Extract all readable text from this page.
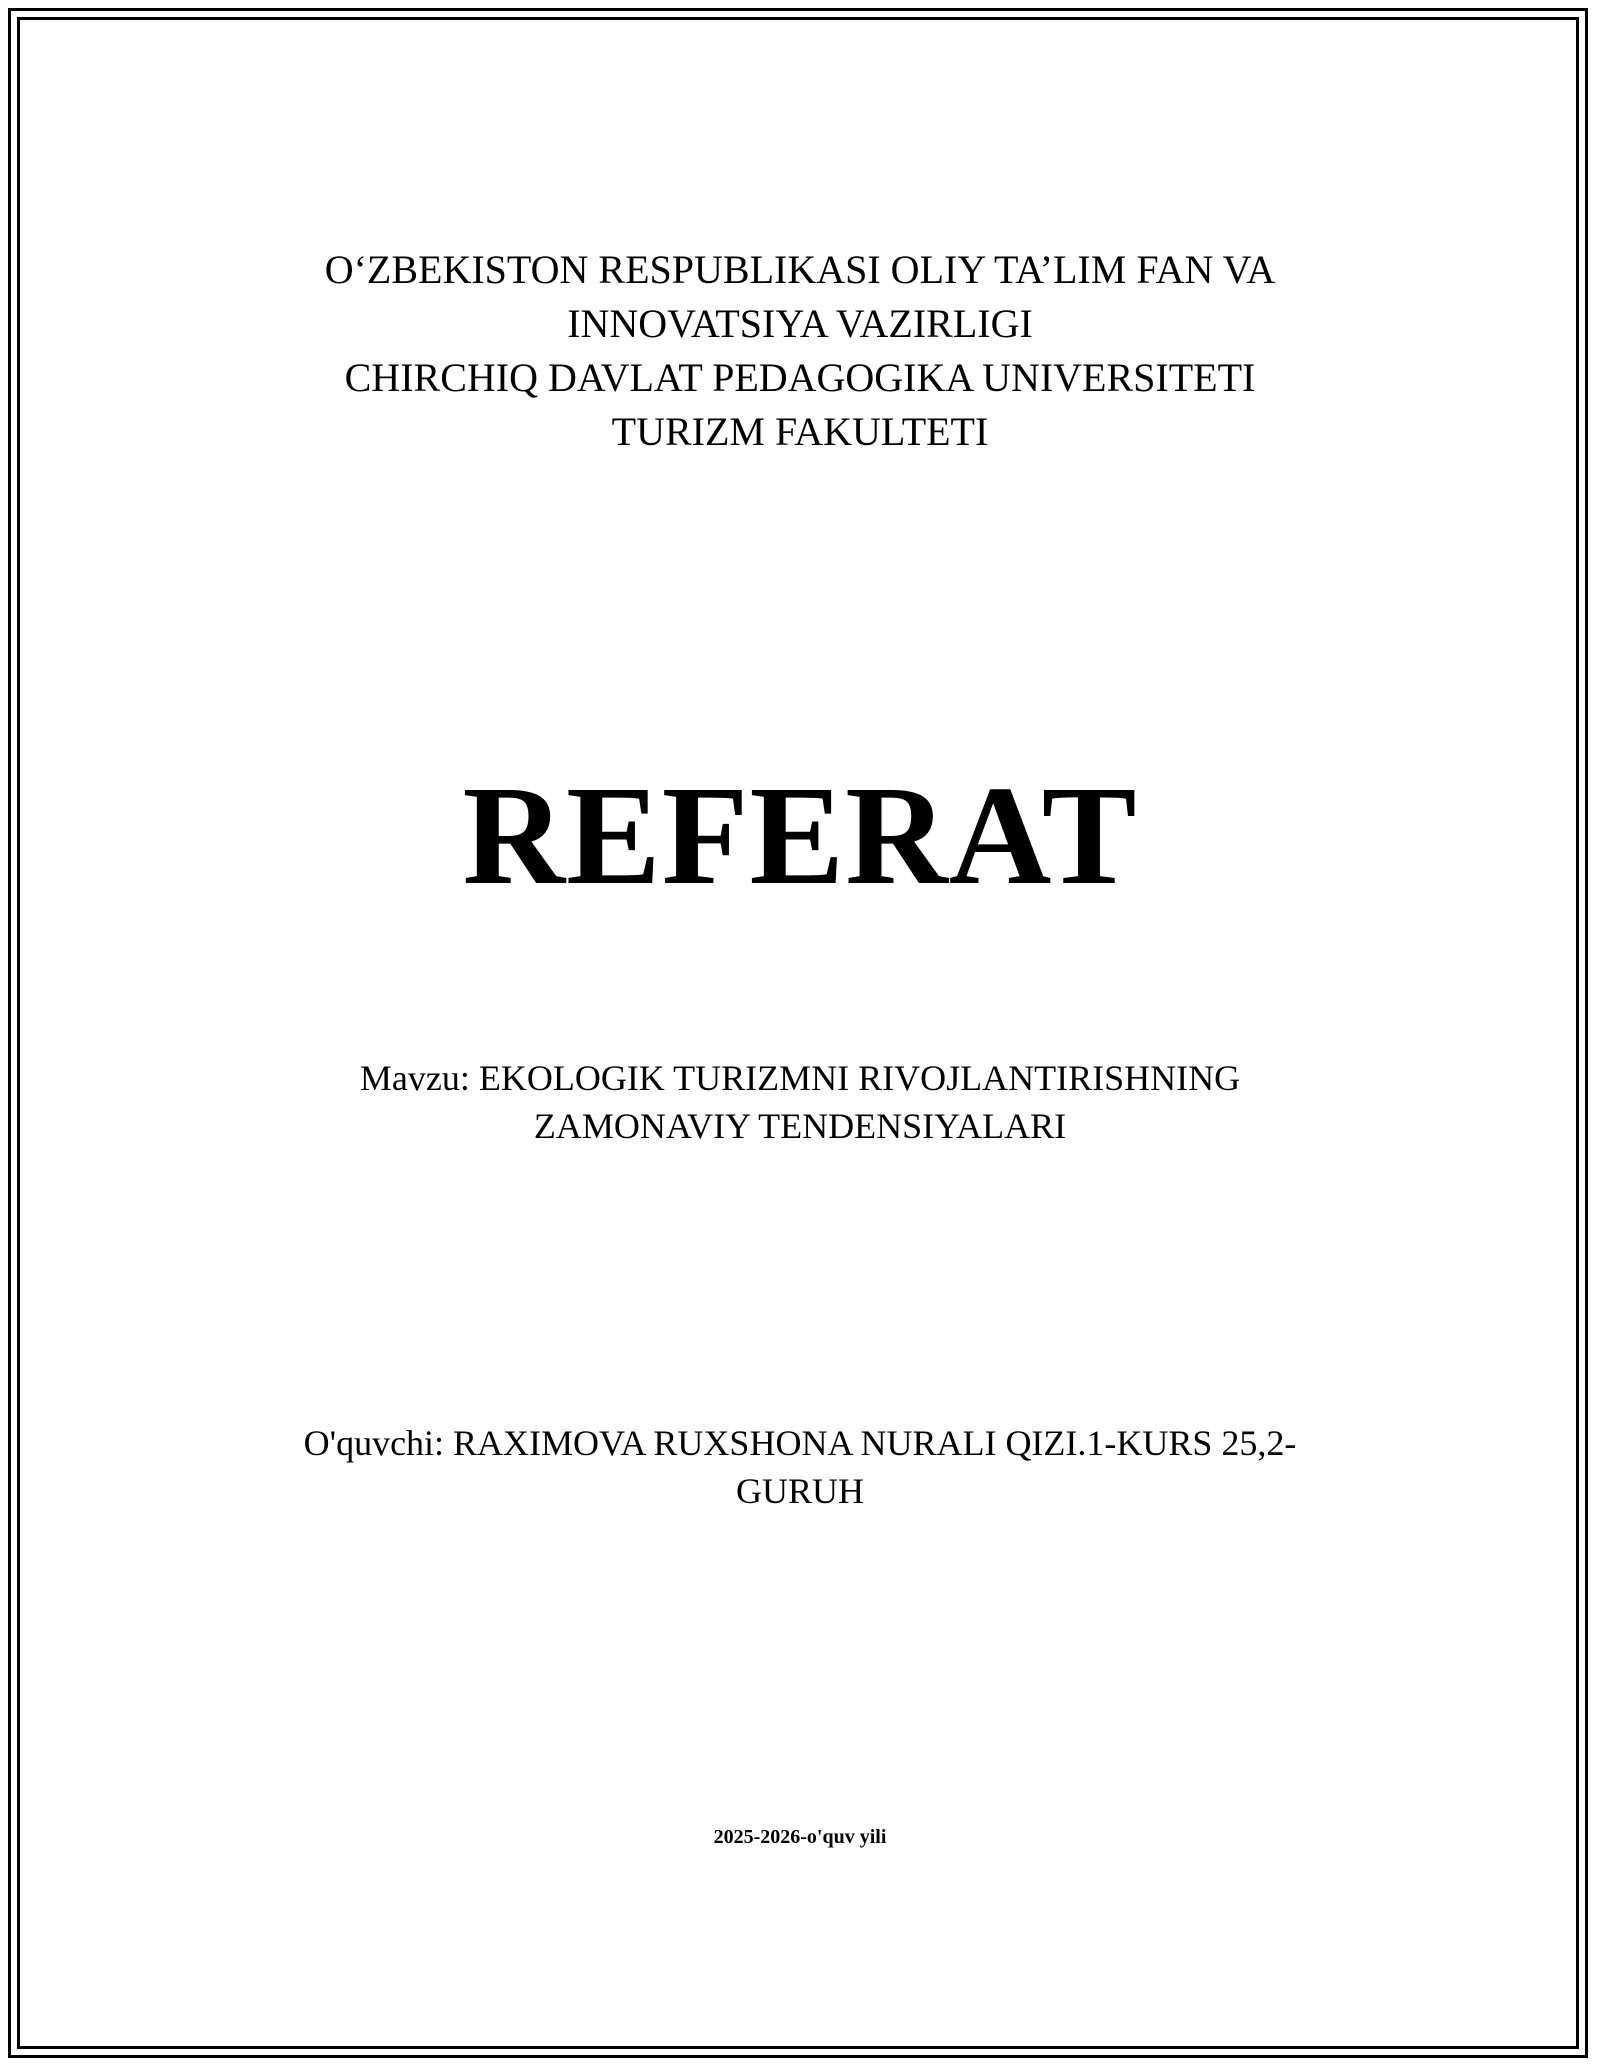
O‘ZBEKISTON RESPUBLIKASI OLIY TA’LIM FAN VA
INNOVATSIYA VAZIRLIGI
CHIRCHIQ DAVLAT PEDAGOGIKA UNIVERSITETI
TURIZM FAKULTETI
REFERAT
Mavzu: EKOLOGIK TURIZMNI RIVOJLANTIRISHNING
ZAMONAVIY TENDENSIYALARI
O'quvchi: RAXIMOVA RUXSHONA NURALI QIZI.1-KURS 25,2-
GURUH
2025-2026-o'quv yili
